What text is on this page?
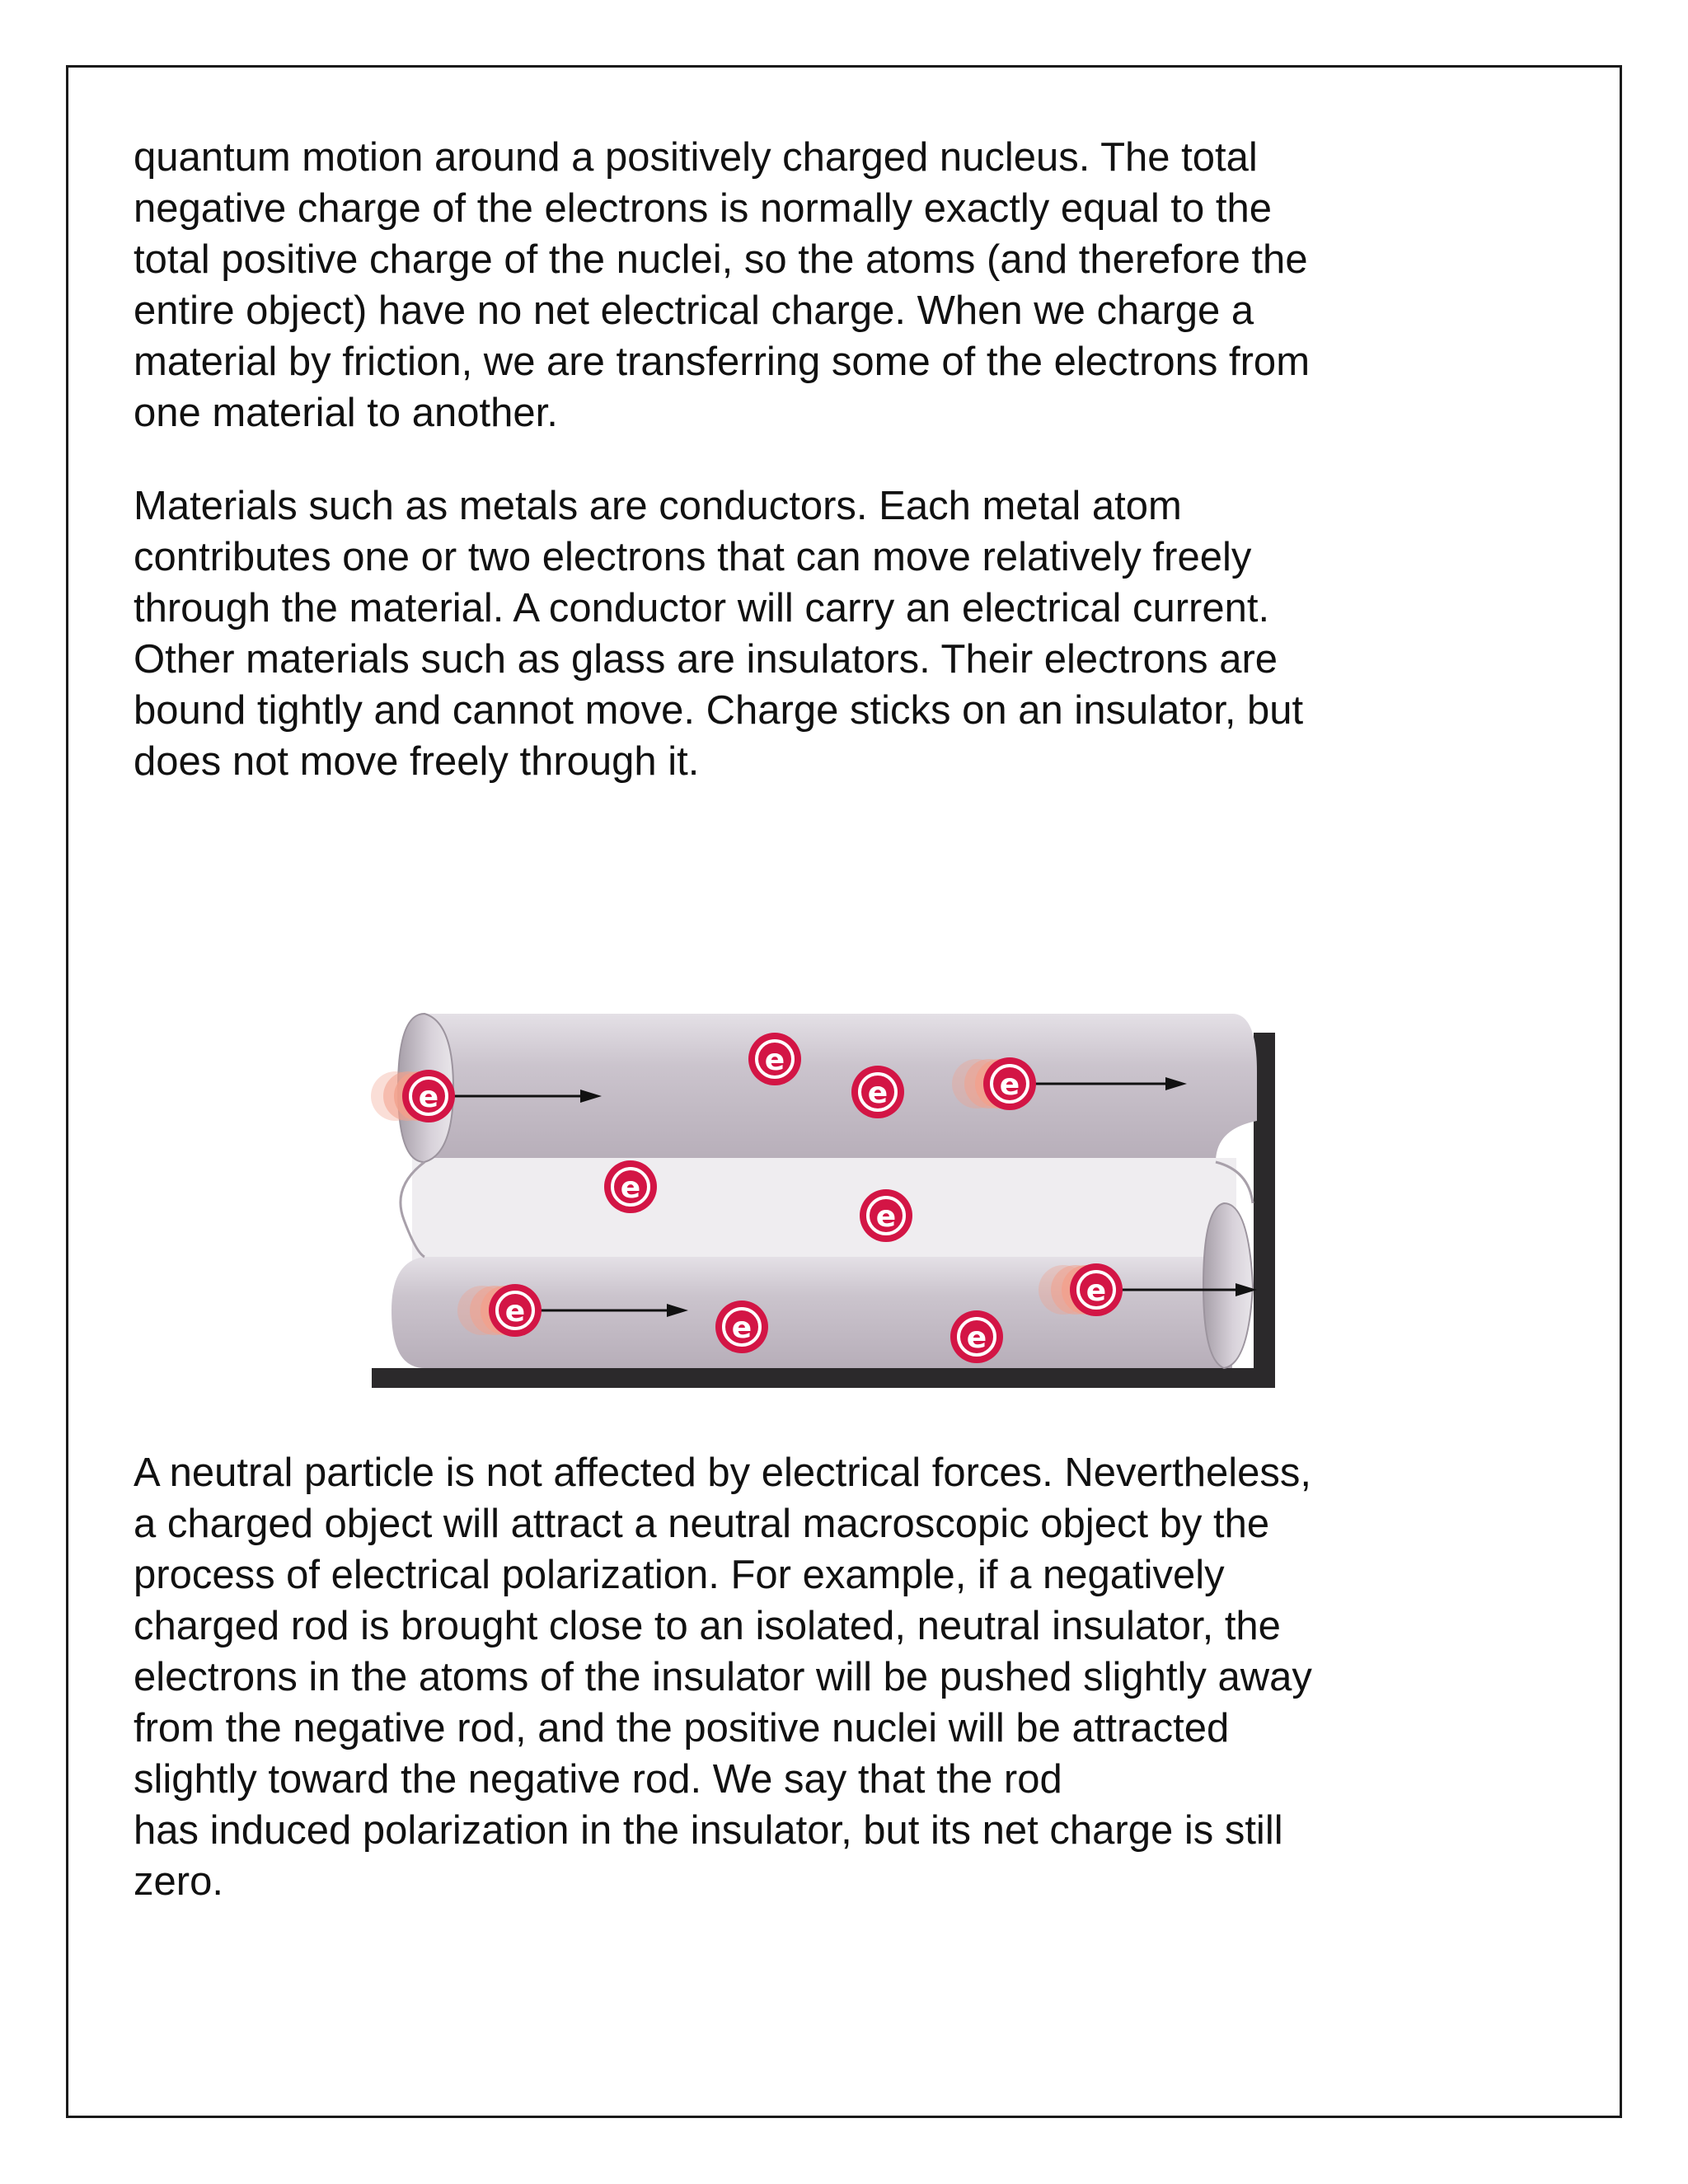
quantum motion around a positively charged nucleus. The total
negative charge of the electrons is normally exactly equal to the
total positive charge of the nuclei, so the atoms (and therefore the
entire object) have no net electrical charge. When we charge a
material by friction, we are transferring some of the electrons from
one material to another.

Materials such as metals are conductors. Each metal atom
contributes one or two electrons that can move relatively freely
through the material. A conductor will carry an electrical current.
Other materials such as glass are insulators. Their electrons are
bound tightly and cannot move. Charge sticks on an insulator, but
does not move freely through it.

e
e
e	e
e
e
e	e	e
e

A neutral particle is not affected by electrical forces. Nevertheless,
a charged object will attract a neutral macroscopic object by the
process of electrical polarization. For example, if a negatively
charged rod is brought close to an isolated, neutral insulator, the
electrons in the atoms of the insulator will be pushed slightly away
from the negative rod, and the positive nuclei will be attracted
slightly toward the negative rod. We say that the rod
has induced polarization in the insulator, but its net charge is still
zero.
